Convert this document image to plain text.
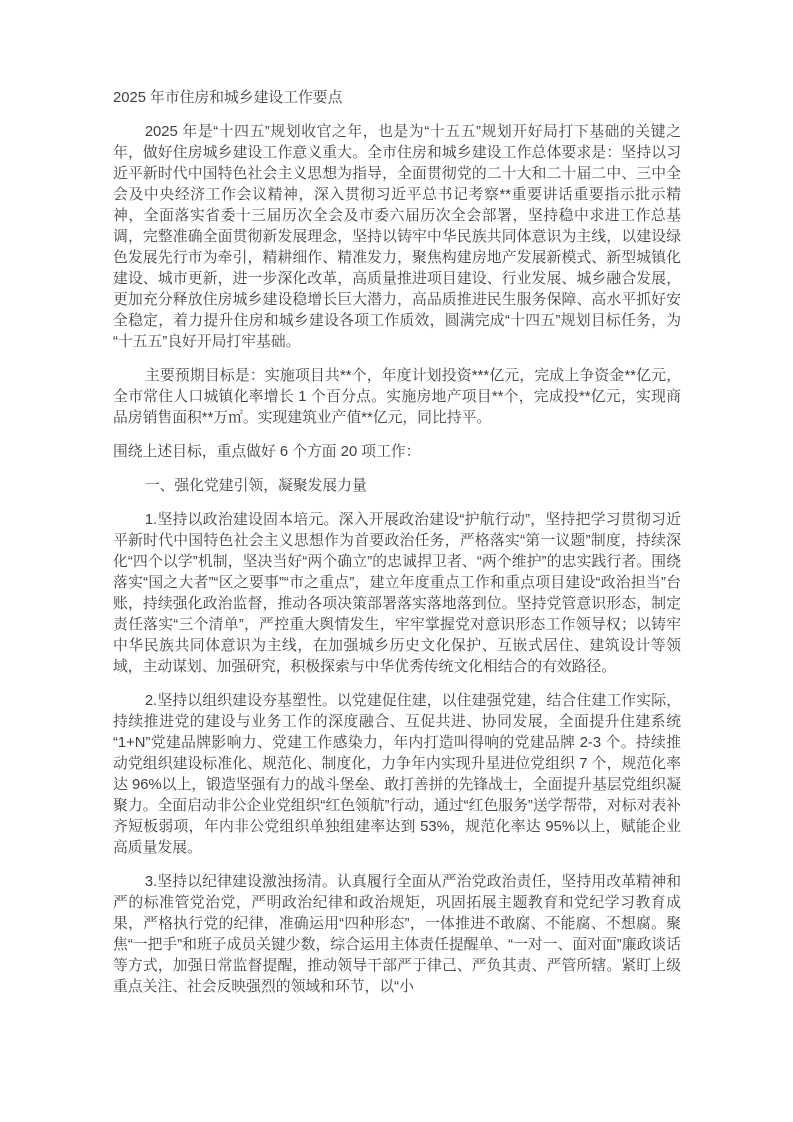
2025 年市住房和城乡建设工作要点

2025 年是“十四五”规划收官之年，也是为“十五五”规划开好局打下基础的关键之年，做好住房城乡建设工作意义重大。全市住房和城乡建设工作总体要求是：坚持以习近平新时代中国特色社会主义思想为指导，全面贯彻党的二十大和二十届二中、三中全会及中央经济工作会议精神，深入贯彻习近平总书记考察**重要讲话重要指示批示精神，全面落实省委十三届历次全会及市委六届历次全会部署，坚持稳中求进工作总基调，完整准确全面贯彻新发展理念，坚持以铸牢中华民族共同体意识为主线，以建设绿色发展先行市为牵引，精耕细作、精准发力，聚焦构建房地产发展新模式、新型城镇化建设、城市更新，进一步深化改革，高质量推进项目建设、行业发展、城乡融合发展，更加充分释放住房城乡建设稳增长巨大潜力，高品质推进民生服务保障、高水平抓好安全稳定，着力提升住房和城乡建设各项工作质效，圆满完成“十四五”规划目标任务，为“十五五”良好开局打牢基础。

主要预期目标是：实施项目共**个，年度计划投资***亿元，完成上争资金**亿元，全市常住人口城镇化率增长 1 个百分点。实施房地产项目**个，完成投**亿元，实现商品房销售面积**万㎡。实现建筑业产值**亿元，同比持平。

围绕上述目标，重点做好 6 个方面 20 项工作：

一、强化党建引领，凝聚发展力量

1.坚持以政治建设固本培元。深入开展政治建设“护航行动”，坚持把学习贯彻习近平新时代中国特色社会主义思想作为首要政治任务，严格落实“第一议题”制度，持续深化“四个以学”机制，坚决当好“两个确立”的忠诚捍卫者、“两个维护”的忠实践行者。围绕落实“国之大者”“区之要事”“市之重点”，建立年度重点工作和重点项目建设“政治担当”台账，持续强化政治监督，推动各项决策部署落实落地落到位。坚持党管意识形态，制定责任落实“三个清单”，严控重大舆情发生，牢牢掌握党对意识形态工作领导权；以铸牢中华民族共同体意识为主线，在加强城乡历史文化保护、互嵌式居住、建筑设计等领域，主动谋划、加强研究，积极探索与中华优秀传统文化相结合的有效路径。

2.坚持以组织建设夯基塑性。以党建促住建，以住建强党建，结合住建工作实际，持续推进党的建设与业务工作的深度融合、互促共进、协同发展，全面提升住建系统“1+N”党建品牌影响力、党建工作感染力，年内打造叫得响的党建品牌 2-3 个。持续推动党组织建设标准化、规范化、制度化，力争年内实现升星进位党组织 7 个，规范化率达 96%以上，锻造坚强有力的战斗堡垒、敢打善拼的先锋战士，全面提升基层党组织凝聚力。全面启动非公企业党组织“红色领航”行动，通过“红色服务”送学帮带，对标对表补齐短板弱项，年内非公党组织单独组建率达到 53%，规范化率达 95%以上，赋能企业高质量发展。

3.坚持以纪律建设激浊扬清。认真履行全面从严治党政治责任，坚持用改革精神和严的标准管党治党，严明政治纪律和政治规矩，巩固拓展主题教育和党纪学习教育成果，严格执行党的纪律，准确运用“四种形态”，一体推进不敢腐、不能腐、不想腐。聚焦“一把手”和班子成员关键少数，综合运用主体责任提醒单、“一对一、面对面”廉政谈话等方式，加强日常监督提醒，推动领导干部严于律己、严负其责、严管所辖。紧盯上级重点关注、社会反映强烈的领域和环节，以“小
